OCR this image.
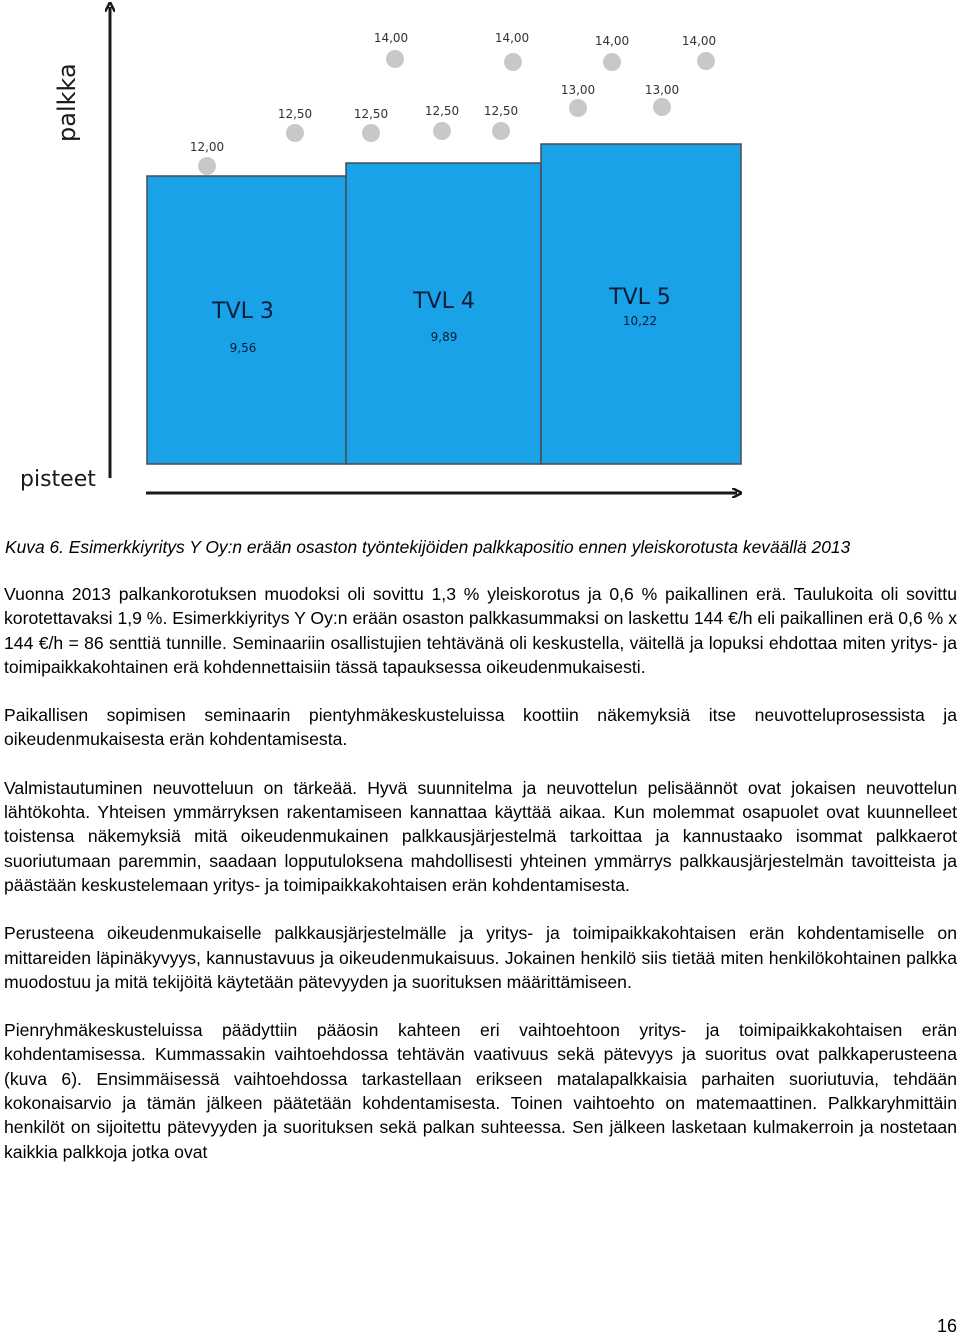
TVL 3
9,56
TVL 4
9,89
TVL 5
10,22
12,00
12,50	12,50	12,50
14,00	14,00
12,50
13,00
14,00
13,00
14,00
palkka
pisteet
Kuva 6. Esimerkkiyritys Y Oy:n erään osaston työntekijöiden palkkapositio ennen yleiskorotusta keväällä 2013

Vuonna 2013 palkankorotuksen muodoksi oli sovittu 1,3 % yleiskorotus ja 0,6 % paikallinen erä. Taulukoita oli sovittu korotettavaksi 1,9 %. Esimerkkiyritys Y Oy:n erään osaston palkkasummaksi on laskettu 144 €/h eli paikallinen erä 0,6 % x 144 €/h = 86 senttiä tunnille. Seminaariin osallistujien tehtävänä oli keskustella, väitellä ja lopuksi ehdottaa miten yritys- ja toimipaikkakohtainen erä kohdennettaisiin tässä tapauksessa oikeudenmukaisesti.

Paikallisen sopimisen seminaarin pientyhmäkeskusteluissa koottiin näkemyksiä itse neuvotteluprosessista ja oikeudenmukaisesta erän kohdentamisesta.

Valmistautuminen neuvotteluun on tärkeää. Hyvä suunnitelma ja neuvottelun pelisäännöt ovat jokaisen neuvottelun lähtökohta. Yhteisen ymmärryksen rakentamiseen kannattaa käyttää aikaa. Kun molemmat osapuolet ovat kuunnelleet toistensa näkemyksiä mitä oikeudenmukainen palkkausjärjestelmä tarkoittaa ja kannustaako isommat palkkaerot suoriutumaan paremmin, saadaan lopputuloksena mahdollisesti yhteinen ymmärrys palkkausjärjestelmän tavoitteista ja päästään keskustelemaan yritys- ja toimipaikkakohtaisen erän kohdentamisesta.

Perusteena oikeudenmukaiselle palkkausjärjestelmälle ja yritys- ja toimipaikkakohtaisen erän kohdentamiselle on mittareiden läpinäkyvyys, kannustavuus ja oikeudenmukaisuus. Jokainen henkilö siis tietää miten henkilökohtainen palkka muodostuu ja mitä tekijöitä käytetään pätevyyden ja suorituksen määrittämiseen.

Pienryhmäkeskusteluissa päädyttiin pääosin kahteen eri vaihtoehtoon yritys- ja toimipaikkakohtaisen erän kohdentamisessa. Kummassakin vaihtoehdossa tehtävän vaativuus sekä pätevyys ja suoritus ovat palkkaperusteena (kuva 6). Ensimmäisessä vaihtoehdossa tarkastellaan erikseen matalapalkkaisia parhaiten suoriutuvia, tehdään kokonaisarvio ja tämän jälkeen päätetään kohdentamisesta. Toinen vaihtoehto on matemaattinen. Palkkaryhmittäin henkilöt on sijoitettu pätevyyden ja suorituksen sekä palkan suhteessa. Sen jälkeen lasketaan kulmakerroin ja nostetaan kaikkia palkkoja jotka ovat

16
